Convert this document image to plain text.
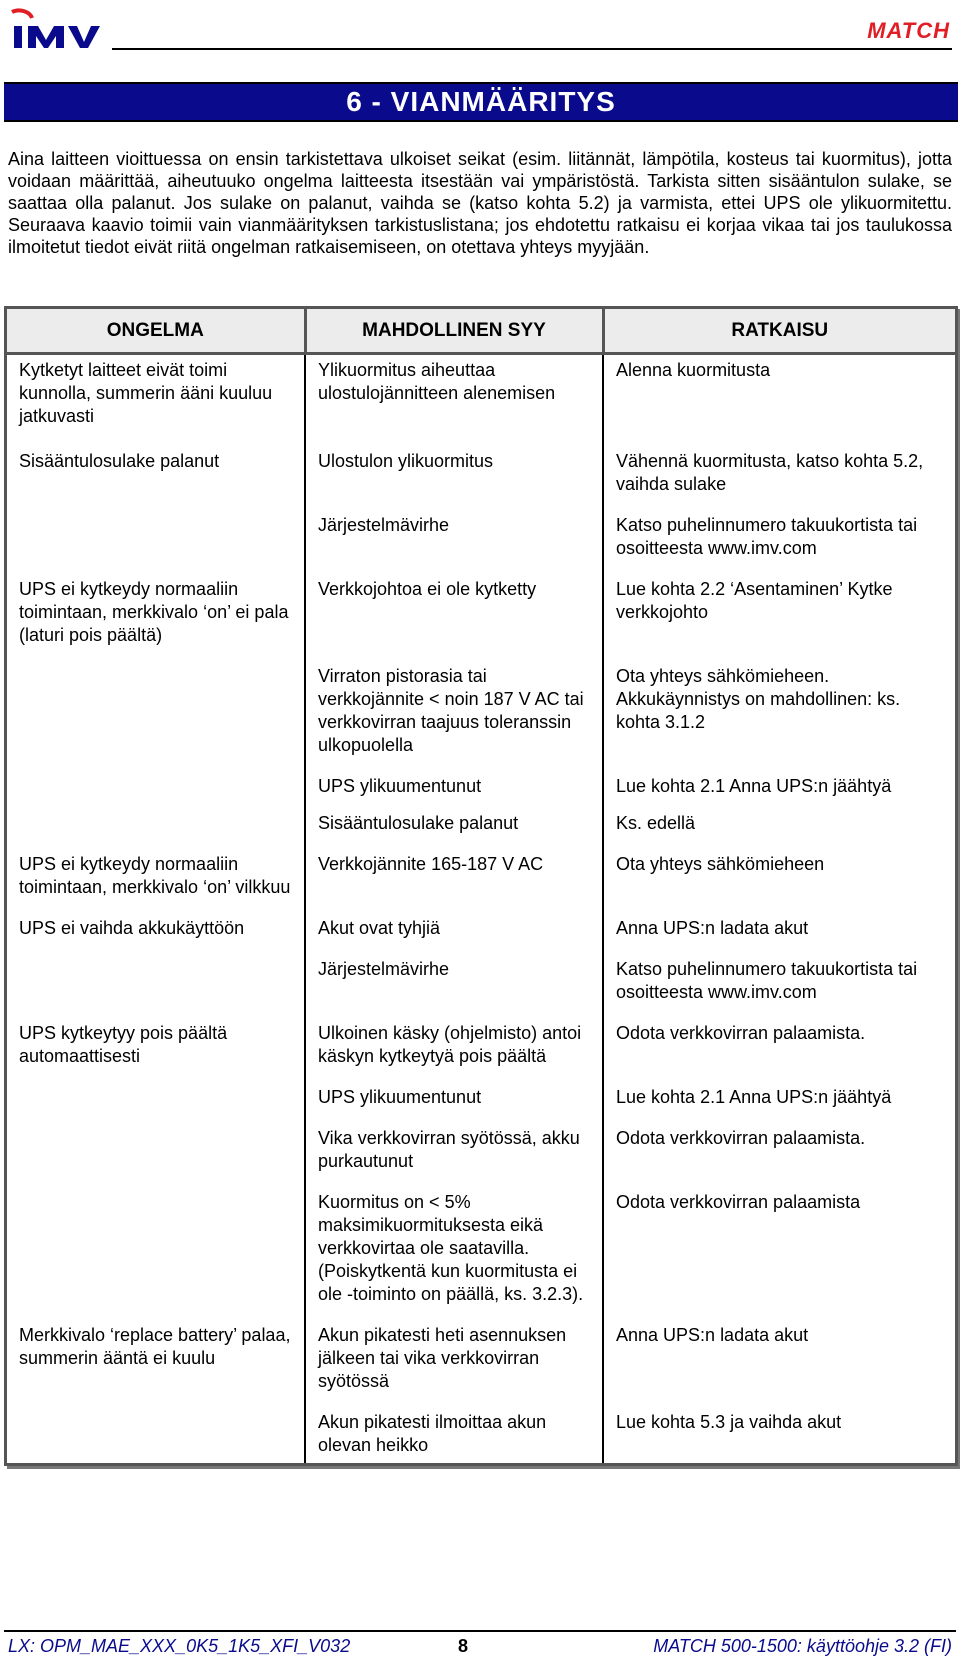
MATCH
6 - VIANMÄÄRITYS

Aina laitteen vioittuessa on ensin tarkistettava ulkoiset seikat (esim. liitännät, lämpötila, kosteus tai kuormitus), jotta voidaan määrittää, aiheutuuko ongelma laitteesta itsestään vai ympäristöstä. Tarkista sitten sisääntulon sulake, se saattaa olla palanut. Jos sulake on palanut, vaihda se (katso kohta 5.2) ja varmista, ettei UPS ole ylikuormitettu. Seuraava kaavio toimii vain vianmäärityksen tarkistuslistana; jos ehdotettu ratkaisu ei korjaa vikaa tai jos taulukossa ilmoitetut tiedot eivät riitä ongelman ratkaisemiseen, on otettava yhteys myyjään.

ONGELMA	MAHDOLLINEN SYY	RATKAISU
Kytketyt laitteet eivät toimi kunnolla, summerin ääni kuuluu jatkuvasti	Ylikuormitus aiheuttaa ulostulojännitteen alenemisen	Alenna kuormitusta
Sisääntulosulake palanut	Ulostulon ylikuormitus	Vähennä kuormitusta, katso kohta 5.2, vaihda sulake
	Järjestelmävirhe	Katso puhelinnumero takuukortista tai osoitteesta www.imv.com
UPS ei kytkeydy normaaliin toimintaan, merkkivalo ‘on’ ei pala (laturi pois päältä)	Verkkojohtoa ei ole kytketty	Lue kohta 2.2 ‘Asentaminen’ Kytke verkkojohto
	Virraton pistorasia tai verkkojännite < noin 187 V AC tai verkkovirran taajuus toleranssin ulkopuolella	Ota yhteys sähkömieheen. Akkukäynnistys on mahdollinen: ks. kohta 3.1.2
	UPS ylikuumentunut	Lue kohta 2.1 Anna UPS:n jäähtyä
	Sisääntulosulake palanut	Ks. edellä
UPS ei kytkeydy normaaliin toimintaan, merkkivalo ‘on’ vilkkuu	Verkkojännite 165-187 V AC	Ota yhteys sähkömieheen
UPS ei vaihda akkukäyttöön	Akut ovat tyhjiä	Anna UPS:n ladata akut
	Järjestelmävirhe	Katso puhelinnumero takuukortista tai osoitteesta www.imv.com
UPS kytkeytyy pois päältä automaattisesti	Ulkoinen käsky (ohjelmisto) antoi käskyn kytkeytyä pois päältä	Odota verkkovirran palaamista.
	UPS ylikuumentunut	Lue kohta 2.1 Anna UPS:n jäähtyä
	Vika verkkovirran syötössä, akku purkautunut	Odota verkkovirran palaamista.
	Kuormitus on < 5% maksimikuormituksesta eikä verkkovirtaa ole saatavilla. (Poiskytkentä kun kuormitusta ei ole -toiminto on päällä, ks. 3.2.3).	Odota verkkovirran palaamista
Merkkivalo ‘replace battery’ palaa, summerin ääntä ei kuulu	Akun pikatesti heti asennuksen jälkeen tai vika verkkovirran syötössä	Anna UPS:n ladata akut
	Akun pikatesti ilmoittaa akun olevan heikko	Lue kohta 5.3 ja vaihda akut
LX: OPM_MAE_XXX_0K5_1K5_XFI_V032	8	MATCH 500-1500: käyttöohje 3.2 (FI)
